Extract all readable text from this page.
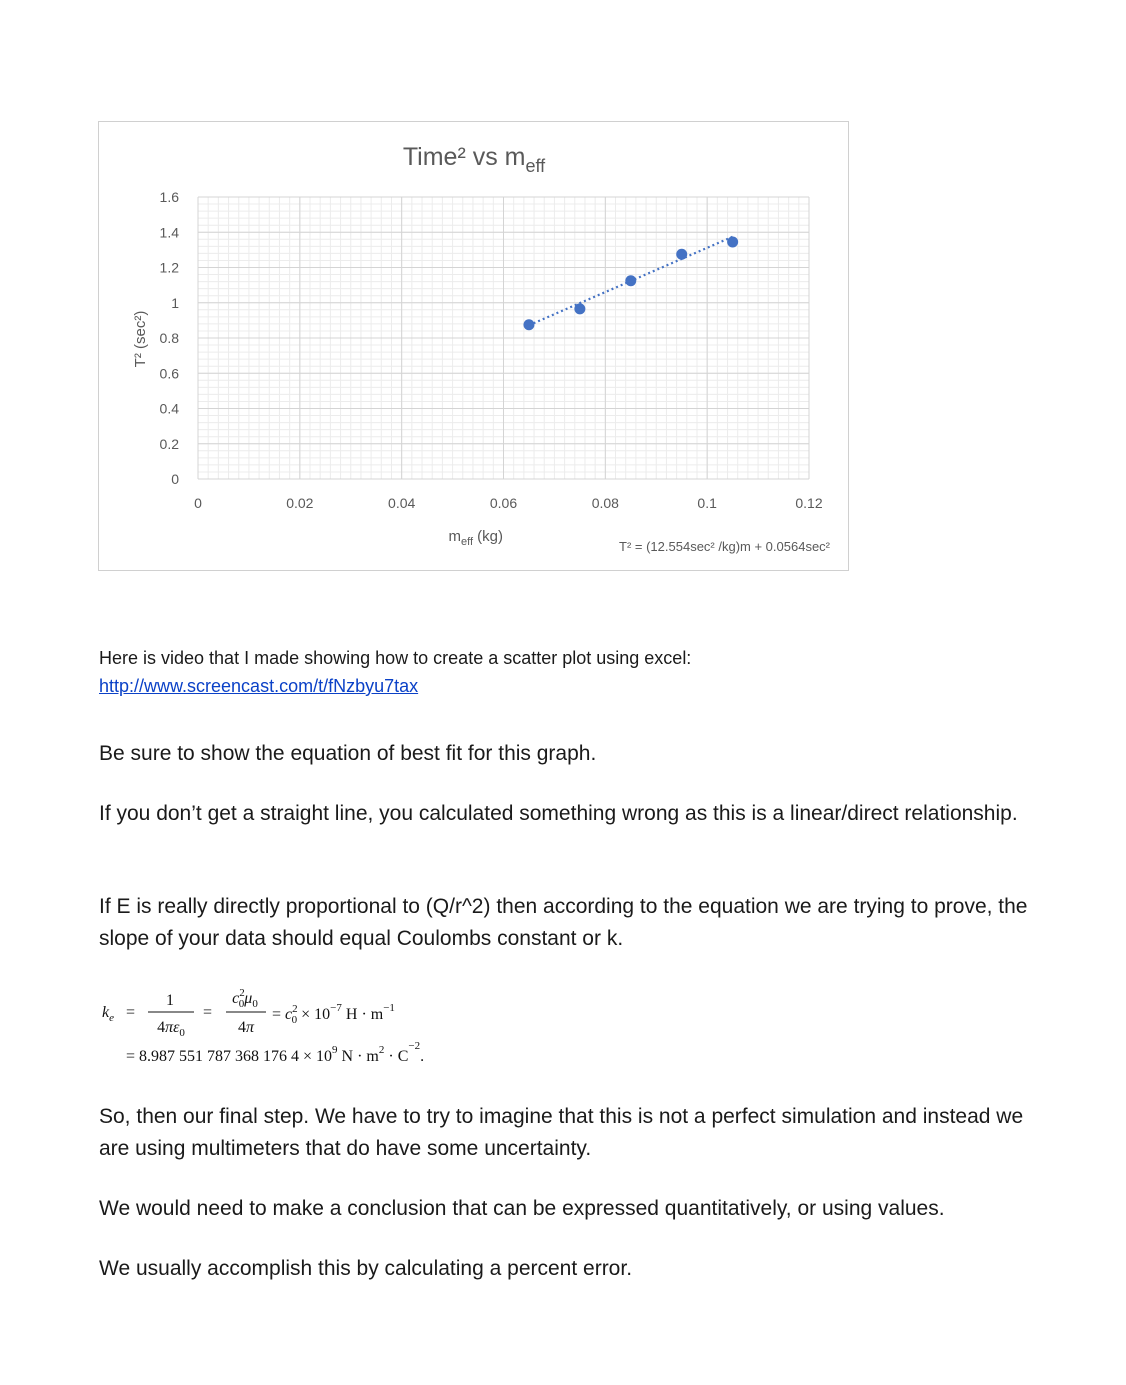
0
0.2
0.4
0.6
0.8
1
1.2
1.4
1.6
0	0.02	0.04	0.06	0.08	0.1	0.12
Time² vs $m_{eff}$
$m_{eff}$ (kg)
T² (sec²)
T² = (12.554sec² /kg)m + 0.0564sec²

Here is video that I made showing how to create a scatter plot using excel:

http://www.screencast.com/t/fNzbyu7tax

Be sure to show the equation of best fit for this graph.

If you don’t get a straight line, you calculated something wrong as this is a linear/direct relationship.

If E is really directly proportional to (Q/r^2) then according to the equation we are trying to prove, the slope of your data should equal Coulombs constant or k.

$k_e$ =
1
$4\pi\varepsilon_0$
=
$c^2$ $0\mu_0$
4π
= $c^2$ $0 \times 10^{-7}$ $H \cdot m^{-1}$
= 8.987 551 787 368 176 $4 \times 10^9$ $N \cdot m^2 \cdot C^{-2}$.

So, then our final step. We have to try to imagine that this is not a perfect simulation and instead we are using multimeters that do have some uncertainty.

We would need to make a conclusion that can be expressed quantitatively, or using values.

We usually accomplish this by calculating a percent error.
